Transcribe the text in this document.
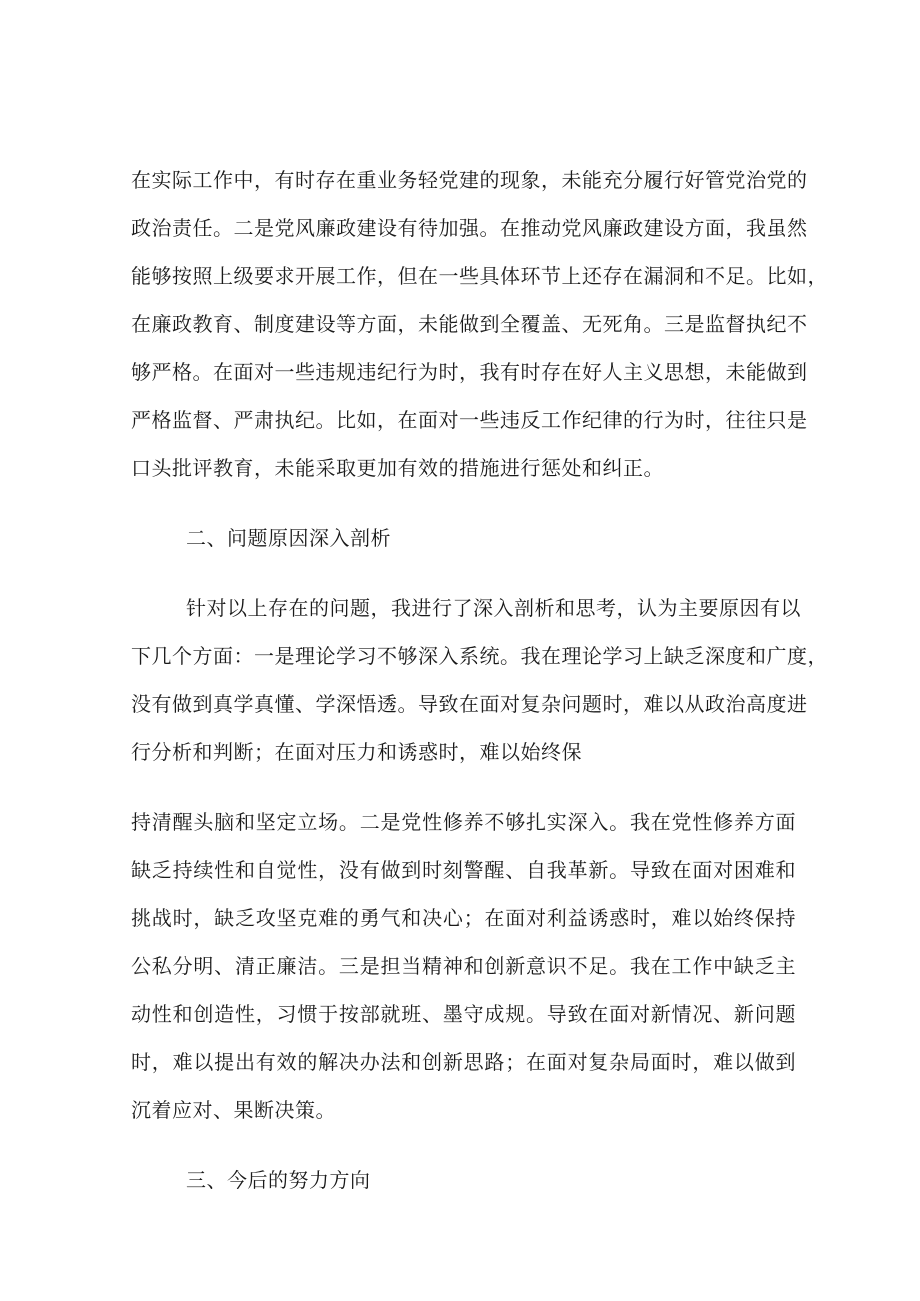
在实际工作中，有时存在重业务轻党建的现象，未能充分履行好管党治党的
政治责任。二是党风廉政建设有待加强。在推动党风廉政建设方面，我虽然
能够按照上级要求开展工作，但在一些具体环节上还存在漏洞和不足。比如，
在廉政教育、制度建设等方面，未能做到全覆盖、无死角。三是监督执纪不
够严格。在面对一些违规违纪行为时，我有时存在好人主义思想，未能做到
严格监督、严肃执纪。比如，在面对一些违反工作纪律的行为时，往往只是
口头批评教育，未能采取更加有效的措施进行惩处和纠正。
二、问题原因深入剖析
针对以上存在的问题，我进行了深入剖析和思考，认为主要原因有以
下几个方面：一是理论学习不够深入系统。我在理论学习上缺乏深度和广度，
没有做到真学真懂、学深悟透。导致在面对复杂问题时，难以从政治高度进
行分析和判断；在面对压力和诱惑时，难以始终保
持清醒头脑和坚定立场。二是党性修养不够扎实深入。我在党性修养方面
缺乏持续性和自觉性，没有做到时刻警醒、自我革新。导致在面对困难和
挑战时，缺乏攻坚克难的勇气和决心；在面对利益诱惑时，难以始终保持
公私分明、清正廉洁。三是担当精神和创新意识不足。我在工作中缺乏主
动性和创造性，习惯于按部就班、墨守成规。导致在面对新情况、新问题
时，难以提出有效的解决办法和创新思路；在面对复杂局面时，难以做到
沉着应对、果断决策。
三、今后的努力方向
